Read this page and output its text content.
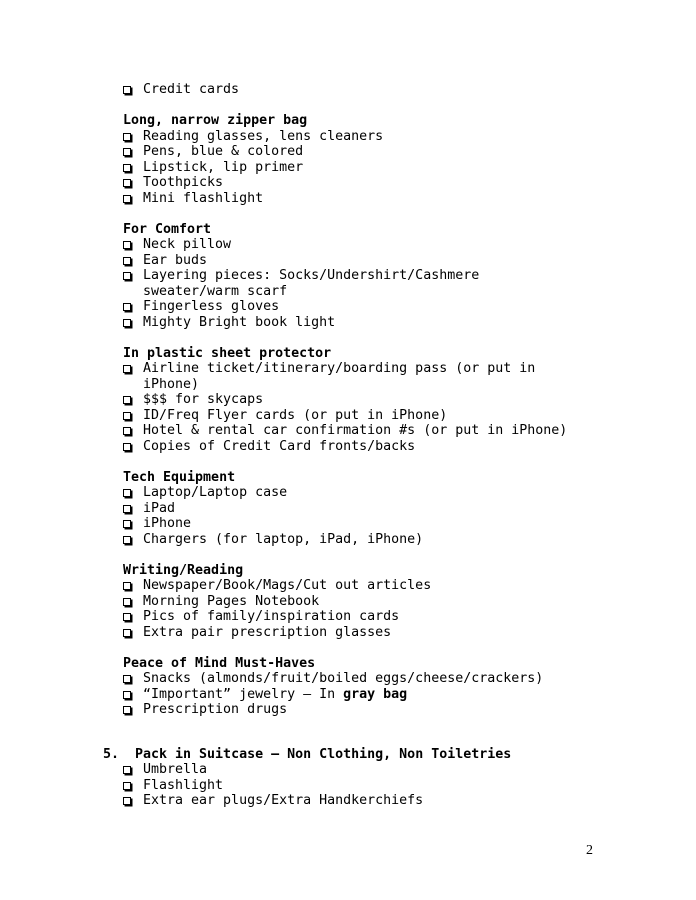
Credit cards
Long, narrow zipper bag
Reading glasses, lens cleaners
Pens, blue & colored
Lipstick, lip primer
Toothpicks
Mini flashlight
For Comfort
Neck pillow
Ear buds
Layering pieces: Socks/Undershirt/Cashmere sweater/warm scarf
Fingerless gloves
Mighty Bright book light
In plastic sheet protector
Airline ticket/itinerary/boarding pass (or put in iPhone)
$$$ for skycaps
ID/Freq Flyer cards (or put in iPhone)
Hotel & rental car confirmation #s (or put in iPhone)
Copies of Credit Card fronts/backs
Tech Equipment
Laptop/Laptop case
iPad
iPhone
Chargers (for laptop, iPad, iPhone)
Writing/Reading
Newspaper/Book/Mags/Cut out articles
Morning Pages Notebook
Pics of family/inspiration cards
Extra pair prescription glasses
Peace of Mind Must-Haves
Snacks (almonds/fruit/boiled eggs/cheese/crackers)
“Important” jewelry – In gray bag
Prescription drugs
5. Pack in Suitcase – Non Clothing, Non Toiletries
Umbrella
Flashlight
Extra ear plugs/Extra Handkerchiefs
2
